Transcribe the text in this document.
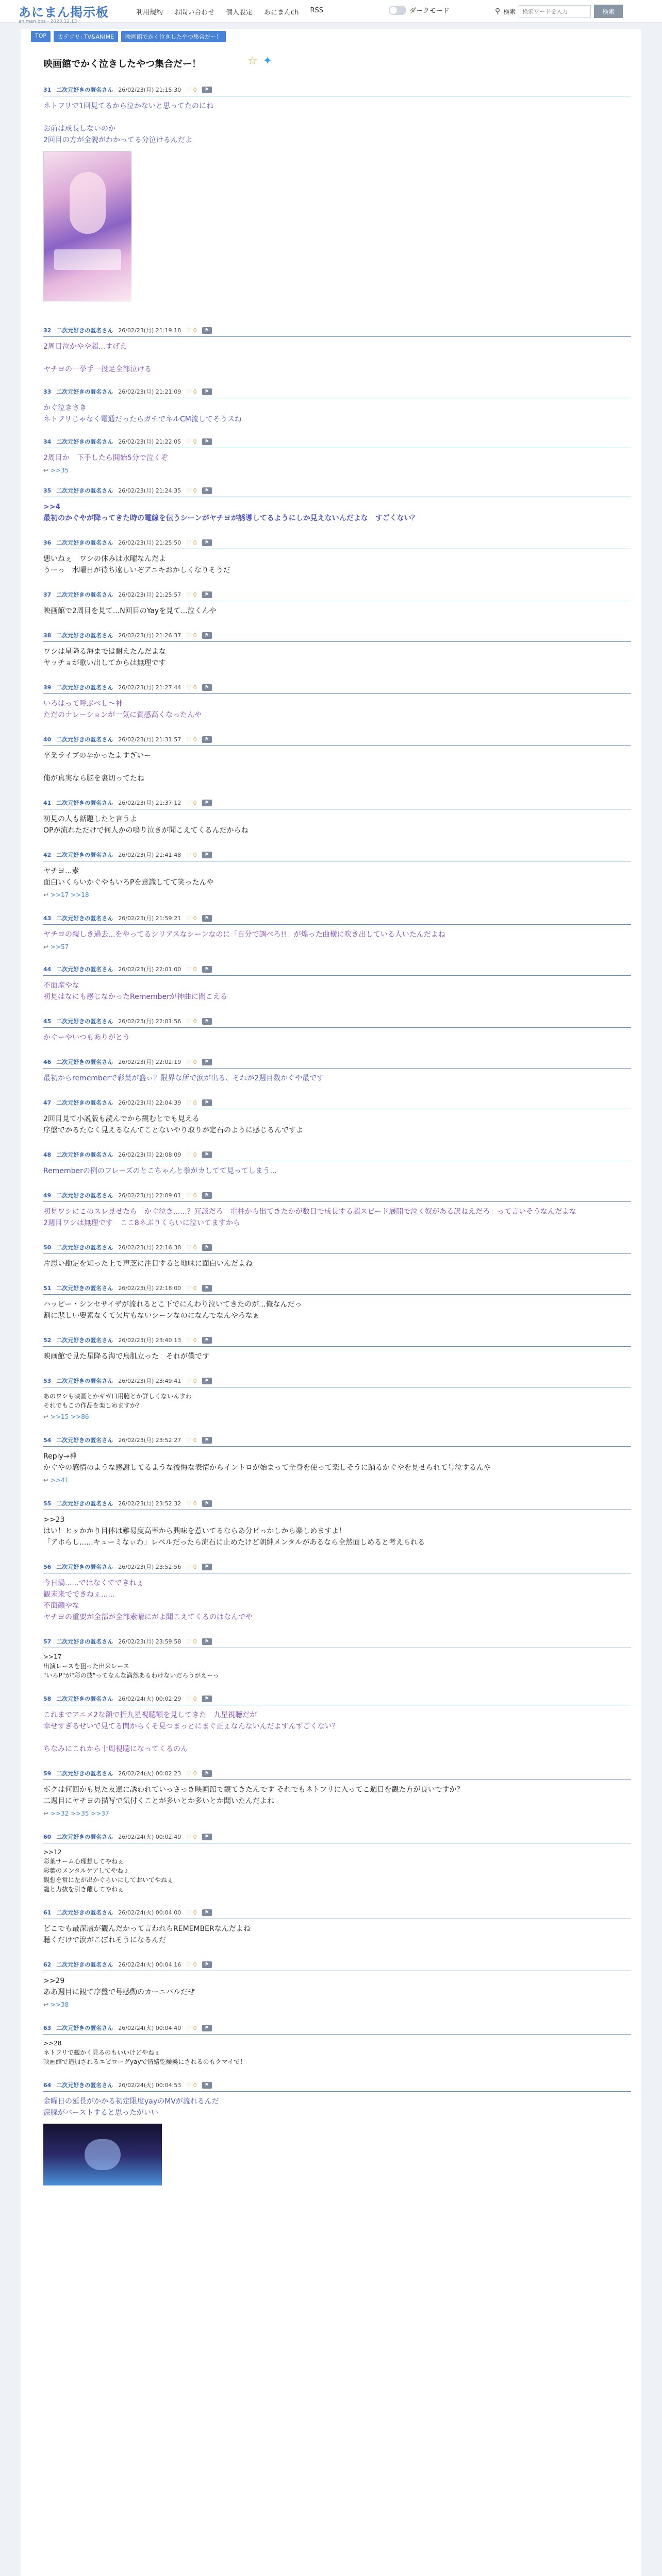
あにまん掲示板
animan bbs - 2023.12.13
利用規約 お問い合わせ 個人設定 あにまんch RSS	ダークモード	⚲ 検索
検索ワードを入力	検索
TOP	カテゴリ: TV&ANIME	映画館でかく泣きしたやつ集合だ～！
映画館でかく泣きしたやつ集合だー！	☆ ✦
31 二次元好きの匿名さん 26/02/23(月) 21:15:30 ♡ 0	⚑
ネトフリで1回見てるから泣かないと思ってたのにね

お前は成長しないのか
2回目の方が全貌がわかってる分泣けるんだよ
32 二次元好きの匿名さん 26/02/23(月) 21:19:18 ♡ 0	⚑
2周目泣かやや超...すげえ

ヤチヨの一挙手一投足全部泣ける
33 二次元好きの匿名さん 26/02/23(月) 21:21:09 ♡ 0	⚑
かぐ泣きさき
ネトフリじゃなく電通だったらガチでネルCM流してそうスね
34 二次元好きの匿名さん 26/02/23(月) 21:22:05 ♡ 0	⚑
2周目か　下手したら開始5分で泣くぞ
↩ >>35
35 二次元好きの匿名さん 26/02/23(月) 21:24:35 ♡ 0	⚑
>>4
最初のかぐやが降ってきた時の電線を伝うシーンがヤチヨが誘導してるようにしか見えないんだよな　すごくない？
36 二次元好きの匿名さん 26/02/23(月) 21:25:50 ♡ 0	⚑
悪いねぇ　ワシの休みは水曜なんだよ
うーっ　水曜日が待ち遠しいぞアニキおかしくなりそうだ
37 二次元好きの匿名さん 26/02/23(月) 21:25:57 ♡ 0	⚑
映画館で2周目を見て...N回目のYayを見て...泣くんや
38 二次元好きの匿名さん 26/02/23(月) 21:26:37 ♡ 0	⚑
ワシは星降る海までは耐えたんだよな
ヤッチョが歌い出してからは無理です
39 二次元好きの匿名さん 26/02/23(月) 21:27:44 ♡ 0	⚑
いろはって呼ぶべし～神
ただのナレーションが一気に質感高くなったんや
40 二次元好きの匿名さん 26/02/23(月) 21:31:57 ♡ 0	⚑
卒業ライブの辛かったよすぎいー

俺が真実なら脳を裏切ってたね
41 二次元好きの匿名さん 26/02/23(月) 21:37:12 ♡ 0	⚑
初見の人も話題したと言うよ
OPが流れただけで何人かの嗚り泣きが聞こえてくるんだからね
42 二次元好きの匿名さん 26/02/23(月) 21:41:48 ♡ 0	⚑
ヤチヨ...素
面白いくらいかぐやもいろPを意識してて笑ったんや
↩ >>17 >>18
43 二次元好きの匿名さん 26/02/23(月) 21:59:21 ♡ 0	⚑
ヤチヨの親しき過去...をやってるシリアスなシーンなのに「自分で調べろ!!」が煌った曲横に吹き出している人いたんだよね
↩ >>57
44 二次元好きの匿名さん 26/02/23(月) 22:01:00 ♡ 0	⚑
不面産やな
初見はなにも感じなかったRememberが神曲に聞こえる
45 二次元好きの匿名さん 26/02/23(月) 22:01:56 ♡ 0	⚑
かぐーやいつもありがとう
46 二次元好きの匿名さん 26/02/23(月) 22:02:19 ♡ 0	⚑
最初からrememberで彩葉が盛ぃ？限界な所で涙が出る、それが2週目数かぐや最です
47 二次元好きの匿名さん 26/02/23(月) 22:04:39 ♡ 0	⚑
2回目見て小説版も読んでから観むとでも見える
序盤でかるたなく見えるなんてことないやり取りが定石のように感じるんですよ
48 二次元好きの匿名さん 26/02/23(月) 22:08:09 ♡ 0	⚑
Rememberの例のフレーズのとこちゃんと拳がカしてて見ってしまう...
49 二次元好きの匿名さん 26/02/23(月) 22:09:01 ♡ 0	⚑
初見ワシにこのスレ見せたら「かぐ泣き......？冗談だろ　電柱から出てきたかが数日で成長する超スピード展開で泣く奴がある訳ねえだろ」って言いそうなんだよな
2週目ワシは無理です　ここ8ネぶりくらいに泣いてますから
50 二次元好きの匿名さん 26/02/23(月) 22:16:38 ♡ 0	⚑
片思い勘定を知った上で声芝に注目すると地味に面白いんだよね
51 二次元好きの匿名さん 26/02/23(月) 22:18:00 ♡ 0	⚑
ハッピー・シンセサイザが流れるとこ下でにんわり泣いてきたのが...俺なんだっ
割に悲しい要素なくて欠片もないシーンなのになんでなんやろなぁ
52 二次元好きの匿名さん 26/02/23(月) 23:40:13 ♡ 0	⚑
映画館で見た星降る海で鳥肌立った　それが僕です
53 二次元好きの匿名さん 26/02/23(月) 23:49:41 ♡ 0	⚑
あのワシも映画とかギガ口用臆とか詳しくないんすわ
それでもこの作品を楽しめますか？
↩ >>15 >>86
54 二次元好きの匿名さん 26/02/23(月) 23:52:27 ♡ 0	⚑
Reply→神
かぐやの感情のような感謝してるような後悔な表情からイントロが始まって全身を使って楽しそうに踊るかぐやを見せられて号泣するんや
↩ >>41
55 二次元好きの匿名さん 26/02/23(月) 23:52:32 ♡ 0	⚑
>>23
はい！ヒッかかり目体は難易度高率から興味を惹いてるならあ分ビっかしから楽しめますよ！
「アホらし......キューミなぃわ」レベルだったら流石に止めたけど朝紳メンタルがあるなら全然面しめると考えられる
56 二次元好きの匿名さん 26/02/23(月) 23:52:56 ♡ 0	⚑
今日渦......ではなくてできれぇ
観未来でできねぇ......
不面顔やな
ヤチヨの重要が全部が全部素晴にがよ聞こえてくるのはなんでや
57 二次元好きの匿名さん 26/02/23(月) 23:59:58 ♡ 0	⚑
>>17
出演レースを狙った出来レース
"いろP"が"彩の彼"ってなんな満然あるわけないだろうがえーっ
58 二次元好きの匿名さん 26/02/24(火) 00:02:29 ♡ 0	⚑
これまでアニメ2な額で折九星視聴額を見してきた　九星視聴だが
幸せすぎるせいで見てる間からくそ見つまっとにまぐ正ぇなんないんだよすんずごくない？

ちなみにこれから十周視聴になってくるのん
59 二次元好きの匿名さん 26/02/24(火) 00:02:23 ♡ 0	⚑
ボクは何回かも見た友達に誘われていっさっき映画館で観てきたんです それでもネトフリに入ってこ週目を観た方が良いですか？
二週目にヤチヨの描写で気付くことが多いとか多いとか聞いたんだよね
↩ >>32 >>35 >>37
60 二次元好きの匿名さん 26/02/24(火) 00:02:49 ♡ 0	⚑
>>12
彩葉サーム心理想してやねぇ
彩葉のメンタルケアしてやねぇ
観想を常に左が出かぐらいにしておいてやねぇ
龍と力抜を引き離してやねぇ
61 二次元好きの匿名さん 26/02/24(火) 00:04:00 ♡ 0	⚑
どこでも最深層が観んだかって言われらREMEMBERなんだよね
聴くだけで涙がこぼれそうになるんだ
62 二次元好きの匿名さん 26/02/24(火) 00:04:16 ♡ 0	⚑
>>29
ああ週目に観て序盤で号感動のカーニバルだぜ
↩ >>38
63 二次元好きの匿名さん 26/02/24(火) 00:04:40 ♡ 0	⚑
>>28
ネトフリで観かく見るのもいいけどやねぇ
映画館で追加されるエピローグyayで情緒乾燥換にされるのもクマイで！
64 二次元好きの匿名さん 26/02/24(火) 00:04:53 ♡ 0	⚑
金曜日の延長がかかる初定限度yayのMVが流れるんだ
涙腺がバーストすると思ったがいい
